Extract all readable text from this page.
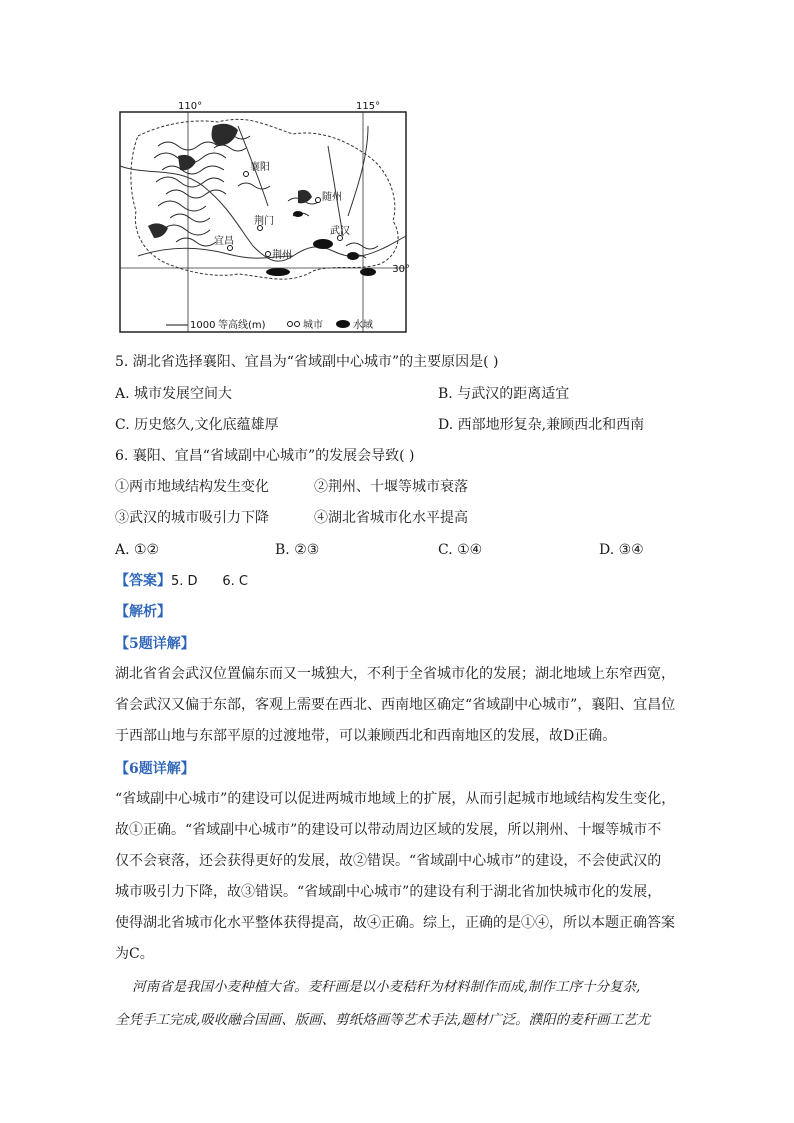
110°	115°
30°
襄阳
随州
荆门
宜昌
荆州
武汉
1000 等高线(m)	城市	水域
5. 湖北省选择襄阳、宜昌为“省域副中心城市”的主要原因是( )
A. 城市发展空间大	B. 与武汉的距离适宜
C. 历史悠久,文化底蕴雄厚	D. 西部地形复杂,兼顾西北和西南
6. 襄阳、宜昌“省域副中心城市”的发展会导致( )
①两市地域结构发生变化	②荆州、十堰等城市衰落
③武汉的城市吸引力下降	④湖北省城市化水平提高
A. ①②	B. ②③	C. ①④	D. ③④
【答案】5. D      6. C
【解析】
【5题详解】
湖北省省会武汉位置偏东而又一城独大，不利于全省城市化的发展；湖北地域上东窄西宽，
省会武汉又偏于东部，客观上需要在西北、西南地区确定“省域副中心城市”，襄阳、宜昌位
于西部山地与东部平原的过渡地带，可以兼顾西北和西南地区的发展，故D正确。
【6题详解】
“省域副中心城市”的建设可以促进两城市地域上的扩展，从而引起城市地域结构发生变化，
故①正确。“省域副中心城市”的建设可以带动周边区域的发展，所以荆州、十堰等城市不
仅不会衰落，还会获得更好的发展，故②错误。“省域副中心城市”的建设，不会使武汉的
城市吸引力下降，故③错误。“省域副中心城市”的建设有利于湖北省加快城市化的发展，
使得湖北省城市化水平整体获得提高，故④正确。综上，正确的是①④，所以本题正确答案
为C。
河南省是我国小麦种植大省。麦秆画是以小麦秸秆为材料制作而成,制作工序十分复杂,
全凭手工完成,吸收融合国画、版画、剪纸烙画等艺术手法,题材广泛。濮阳的麦秆画工艺尤
